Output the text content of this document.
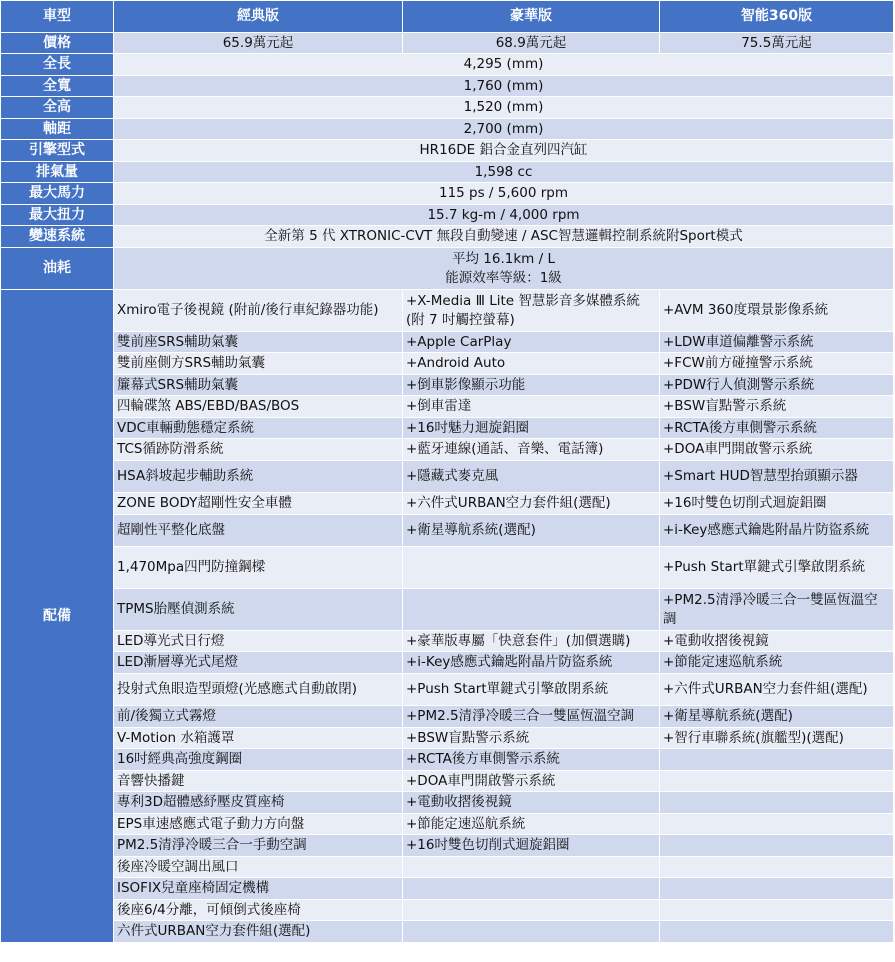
車型	經典版	豪華版	智能360版
價格	65.9萬元起	68.9萬元起	75.5萬元起
全長	4,295 (mm)		
全寬	1,760 (mm)		
全高	1,520 (mm)		
軸距	2,700 (mm)		
引擎型式	HR16DE 鋁合金直列四汽缸		
排氣量	1,598 cc		
最大馬力	115 ps / 5,600 rpm		
最大扭力	15.7 kg-m / 4,000 rpm		
變速系統	全新第 5 代 XTRONIC-CVT 無段自動變速 / ASC智慧邏輯控制系統附Sport模式		
油耗	平均 16.1km / L
能源效率等級：1級		

配備	Xmiro電子後視鏡 (附前/後行車紀錄器功能)	+X-Media Ⅲ Lite 智慧影音多媒體系統(附 7 吋觸控螢幕)	+AVM 360度環景影像系統
	雙前座SRS輔助氣囊	+Apple CarPlay	+LDW車道偏離警示系統
	雙前座側方SRS輔助氣囊	+Android Auto	+FCW前方碰撞警示系統
	簾幕式SRS輔助氣囊	+倒車影像顯示功能	+PDW行人偵測警示系統
	四輪碟煞 ABS/EBD/BAS/BOS	+倒車雷達	+BSW盲點警示系統
	VDC車輛動態穩定系統	+16吋魅力迴旋鋁圈	+RCTA後方車側警示系統
	TCS循跡防滑系統	+藍牙連線(通話、音樂、電話簿)	+DOA車門開啟警示系統
	HSA斜坡起步輔助系統	+隱藏式麥克風	+Smart HUD智慧型抬頭顯示器
	ZONE BODY超剛性安全車體	+六件式URBAN空力套件組(選配)	+16吋雙色切削式迴旋鋁圈
	超剛性平整化底盤	+衛星導航系統(選配)	+i-Key感應式鑰匙附晶片防盜系統
	1,470Mpa四門防撞鋼樑		+Push Start單鍵式引擎啟閉系統
	TPMS胎壓偵測系統		+PM2.5清淨冷暖三合一雙區恆溫空調
	LED導光式日行燈	+豪華版專屬「快意套件」(加價選購)	+電動收摺後視鏡
	LED漸層導光式尾燈	+i-Key感應式鑰匙附晶片防盜系統	+節能定速巡航系統
	投射式魚眼造型頭燈(光感應式自動啟閉)	+Push Start單鍵式引擎啟閉系統	+六件式URBAN空力套件組(選配)
	前/後獨立式霧燈	+PM2.5清淨冷暖三合一雙區恆溫空調	+衛星導航系統(選配)
	V-Motion 水箱護罩	+BSW盲點警示系統	+智行車聯系統(旗艦型)(選配)
	16吋經典高強度鋼圈	+RCTA後方車側警示系統	
	音響快播鍵	+DOA車門開啟警示系統	
	專利3D超體感紓壓皮質座椅	+電動收摺後視鏡	
	EPS車速感應式電子動力方向盤	+節能定速巡航系統	
	PM2.5清淨冷暖三合一手動空調	+16吋雙色切削式迴旋鋁圈	
	後座冷暖空調出風口		
	ISOFIX兒童座椅固定機構		
	後座6/4分離，可傾倒式後座椅		
	六件式URBAN空力套件組(選配)		
